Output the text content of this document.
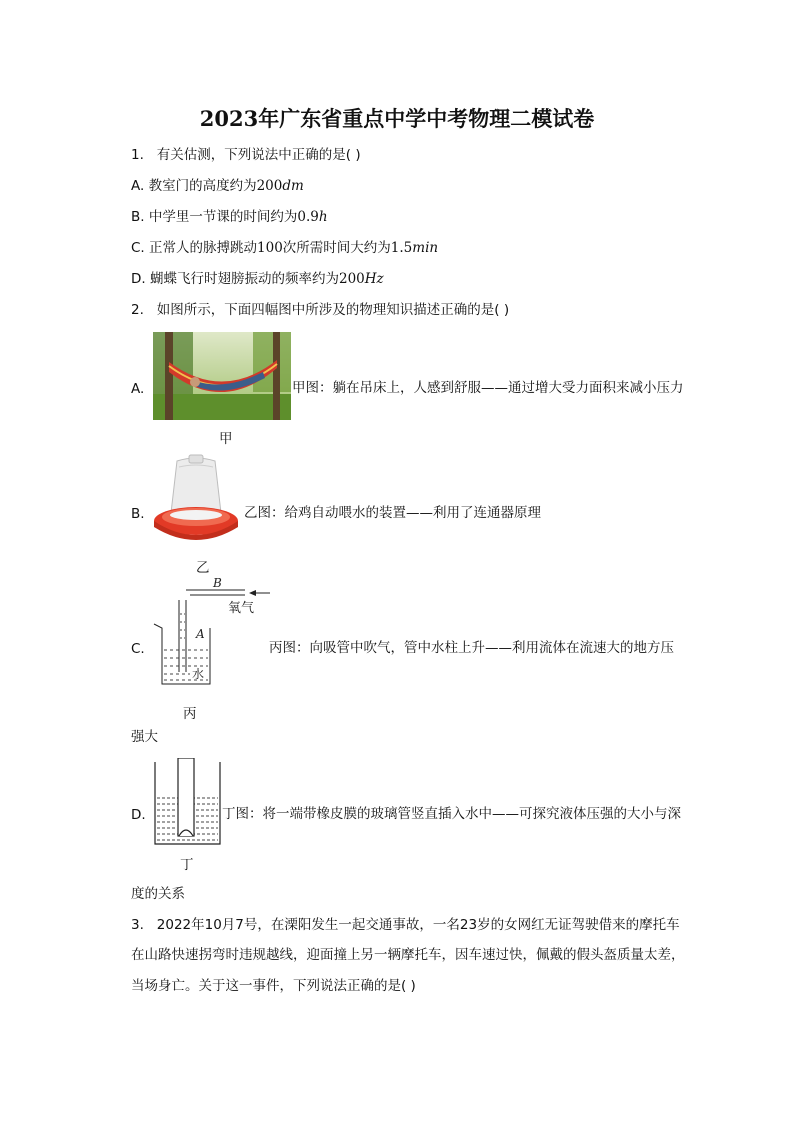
2023年广东省重点中学中考物理二模试卷
1. 有关估测，下列说法中正确的是( )
A. 教室门的高度约为200dm
B. 中学里一节课的时间约为0.9h
C. 正常人的脉搏跳动100次所需时间大约为1.5min
D. 蝴蝶飞行时翅膀振动的频率约为200Hz
2. 如图所示，下面四幅图中所涉及的物理知识描述正确的是( )
A.
甲
甲图：躺在吊床上，人感到舒服——通过增大受力面积来减小压力
B.
乙
乙图：给鸡自动喂水的装置——利用了连通器原理
C.
B
氧气
A
水
丙
丙图：向吸管中吹气，管中水柱上升——利用流体在流速大的地方压
强大
D.
丁
丁图：将一端带橡皮膜的玻璃管竖直插入水中——可探究液体压强的大小与深
度的关系
3. 2022年10月7号，在溧阳发生一起交通事故，一名23岁的女网红无证驾驶借来的摩托车
在山路快速拐弯时违规越线，迎面撞上另一辆摩托车，因车速过快，佩戴的假头盔质量太差，
当场身亡。关于这一事件，下列说法正确的是( )
